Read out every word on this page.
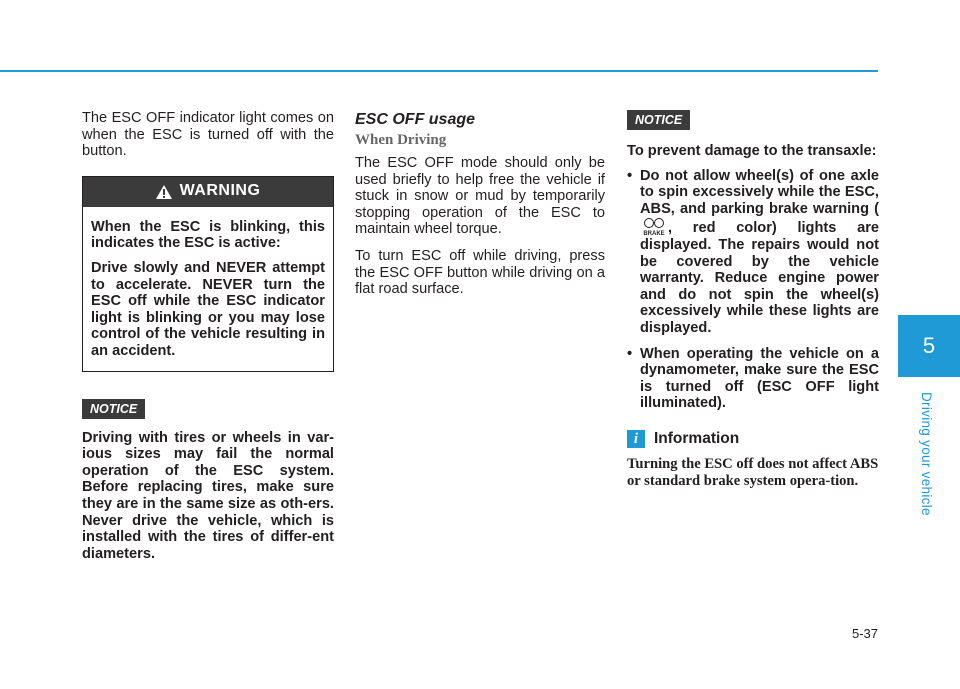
The ESC OFF indicator light comes on when the ESC is turned off with the button.

WARNING

When the ESC is blinking, this indicates the ESC is active:

Drive slowly and NEVER attempt to accelerate. NEVER turn the ESC off while the ESC indicator light is blinking or you may lose control of the vehicle resulting in an accident.

NOTICE

Driving with tires or wheels in var-ious sizes may fail the normal operation of the ESC system. Before replacing tires, make sure they are in the same size as oth-ers. Never drive the vehicle, which is installed with the tires of differ-ent diameters.

ESC OFF usage
When Driving

The ESC OFF mode should only be used briefly to help free the vehicle if stuck in snow or mud by temporarily stopping operation of the ESC to maintain wheel torque.

To turn ESC off while driving, press the ESC OFF button while driving on a flat road surface.

NOTICE

To prevent damage to the transaxle:

• Do not allow wheel(s) of one axle to spin excessively while the ESC, ABS, and parking brake warning (
BRAKE , red color) lights are displayed. The repairs would not be covered by the vehicle warranty. Reduce engine power and do not spin the wheel(s) excessively while these lights are displayed.
• When operating the vehicle on a dynamometer, make sure the ESC is turned off (ESC OFF light illuminated).
i	Information
Turning the ESC off does not affect ABS or standard brake system opera-tion.
5
Driving your vehicle
5-37
